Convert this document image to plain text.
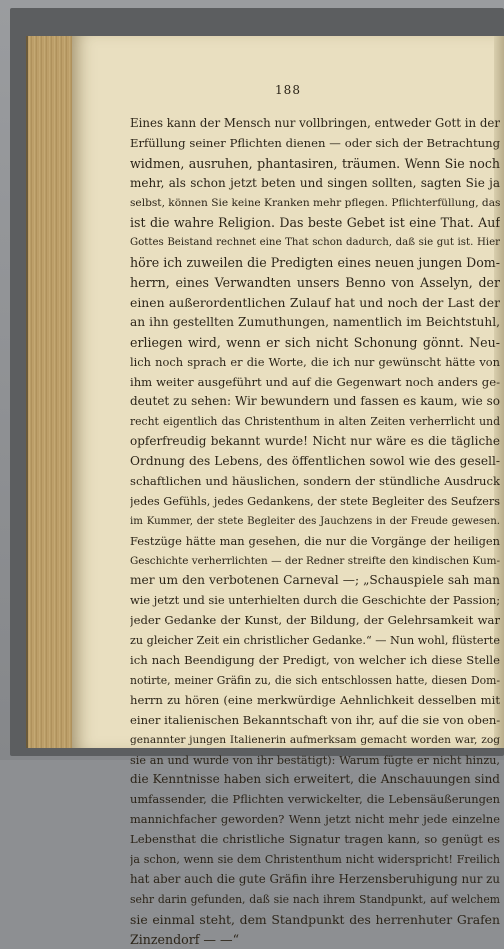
188
Eines kann der Mensch nur vollbringen, entweder Gott in der
Erfüllung seiner Pflichten dienen — oder sich der Betrachtung
widmen, ausruhen, phantasiren, träumen. Wenn Sie noch
mehr, als schon jetzt beten und singen sollten, sagten Sie ja
selbst, können Sie keine Kranken mehr pflegen. Pflichterfüllung, das
ist die wahre Religion. Das beste Gebet ist eine That. Auf
Gottes Beistand rechnet eine That schon dadurch, daß sie gut ist. Hier
höre ich zuweilen die Predigten eines neuen jungen Dom-
herrn, eines Verwandten unsers Benno von Asselyn, der
einen außerordentlichen Zulauf hat und noch der Last der
an ihn gestellten Zumuthungen, namentlich im Beichtstuhl,
erliegen wird, wenn er sich nicht Schonung gönnt. Neu-
lich noch sprach er die Worte, die ich nur gewünscht hätte von
ihm weiter ausgeführt und auf die Gegenwart noch anders ge-
deutet zu sehen: Wir bewundern und fassen es kaum, wie so
recht eigentlich das Christenthum in alten Zeiten verherrlicht und
opferfreudig bekannt wurde! Nicht nur wäre es die tägliche
Ordnung des Lebens, des öffentlichen sowol wie des gesell-
schaftlichen und häuslichen, sondern der stündliche Ausdruck
jedes Gefühls, jedes Gedankens, der stete Begleiter des Seufzers
im Kummer, der stete Begleiter des Jauchzens in der Freude gewesen.
Festzüge hätte man gesehen, die nur die Vorgänge der heiligen
Geschichte verherrlichten — der Redner streifte den kindischen Kum-
mer um den verbotenen Carneval —; „Schauspiele sah man
wie jetzt und sie unterhielten durch die Geschichte der Passion;
jeder Gedanke der Kunst, der Bildung, der Gelehrsamkeit war
zu gleicher Zeit ein christlicher Gedanke.“ — Nun wohl, flüsterte
ich nach Beendigung der Predigt, von welcher ich diese Stelle
notirte, meiner Gräfin zu, die sich entschlossen hatte, diesen Dom-
herrn zu hören (eine merkwürdige Aehnlichkeit desselben mit
einer italienischen Bekanntschaft von ihr, auf die sie von oben-
genannter jungen Italienerin aufmerksam gemacht worden war, zog
sie an und wurde von ihr bestätigt): Warum fügte er nicht hinzu,
die Kenntnisse haben sich erweitert, die Anschauungen sind
umfassender, die Pflichten verwickelter, die Lebensäußerungen
mannichfacher geworden? Wenn jetzt nicht mehr jede einzelne
Lebensthat die christliche Signatur tragen kann, so genügt es
ja schon, wenn sie dem Christenthum nicht widerspricht! Freilich
hat aber auch die gute Gräfin ihre Herzensberuhigung nur zu
sehr darin gefunden, daß sie nach ihrem Standpunkt, auf welchem
sie einmal steht, dem Standpunkt des herrenhuter Grafen
Zinzendorf — —“
